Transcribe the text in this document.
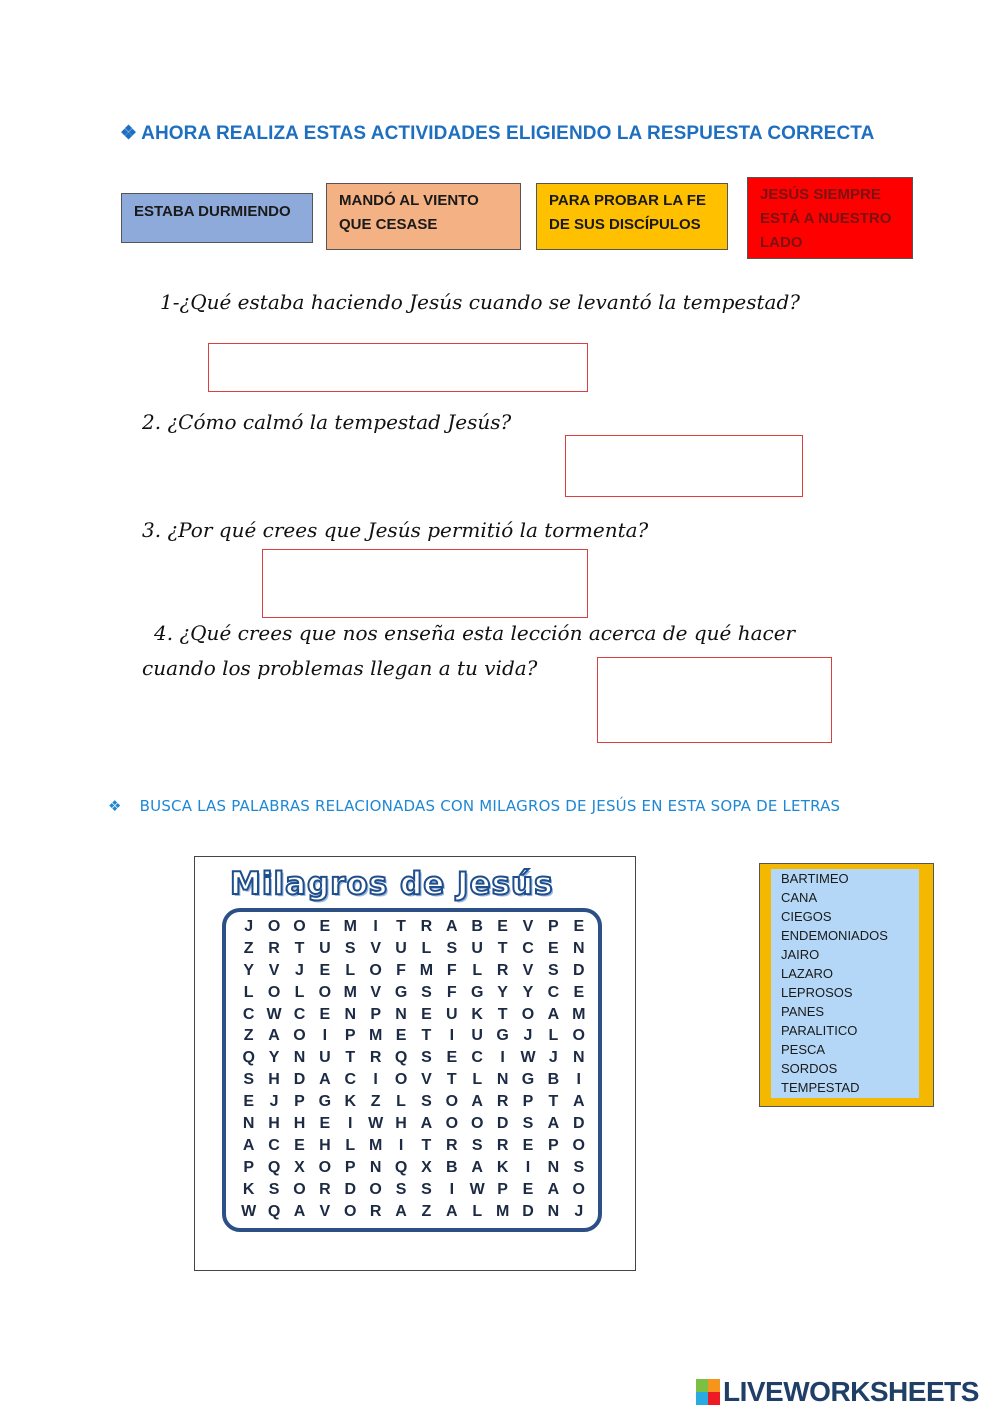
❖ AHORA REALIZA ESTAS ACTIVIDADES ELIGIENDO LA RESPUESTA CORRECTA
ESTABA DURMIENDO
MANDÓ AL VIENTO
QUE CESASE
PARA PROBAR LA FE
DE SUS DISCÍPULOS
JESÚS SIEMPRE
ESTÁ A NUESTRO
LADO
1-¿Qué estaba haciendo Jesús cuando se levantó la tempestad?
2. ¿Cómo calmó la tempestad Jesús?
3. ¿Por qué crees que Jesús permitió la tormenta?
4. ¿Qué crees que nos enseña esta lección acerca de qué hacer
cuando los problemas llegan a tu vida?
❖ BUSCA LAS PALABRAS RELACIONADAS CON MILAGROS DE JESÚS EN ESTA SOPA DE LETRAS
Milagros de Jesús
J O O E M	I	T R A B E V P E
Z R T U S V U L S U T C E N
Y V J E L O F M F L R V S D
L O L O M V G S F G Y Y C E
C W C E N P N E U K T O A M
Z A O	I	P M E T	I	U G J	L O
Q Y N U T R Q S E C	I W J N
S H D A C	I	O V T L N G B	I
E J P G K Z L S O A R P T A
N H H E	I W H A O O D S A D
A C E H L M	I	T R S R E P O
P Q X O P N Q X B A K	I	N S
K S O R D O S S	I W P E A O
W Q A V O R A Z A L M D N J
BARTIMEO
CANA
CIEGOS
ENDEMONIADOS
JAIRO
LAZARO
LEPROSOS
PANES
PARALITICO
PESCA
SORDOS
TEMPESTAD
LIVEWORKSHEETS
